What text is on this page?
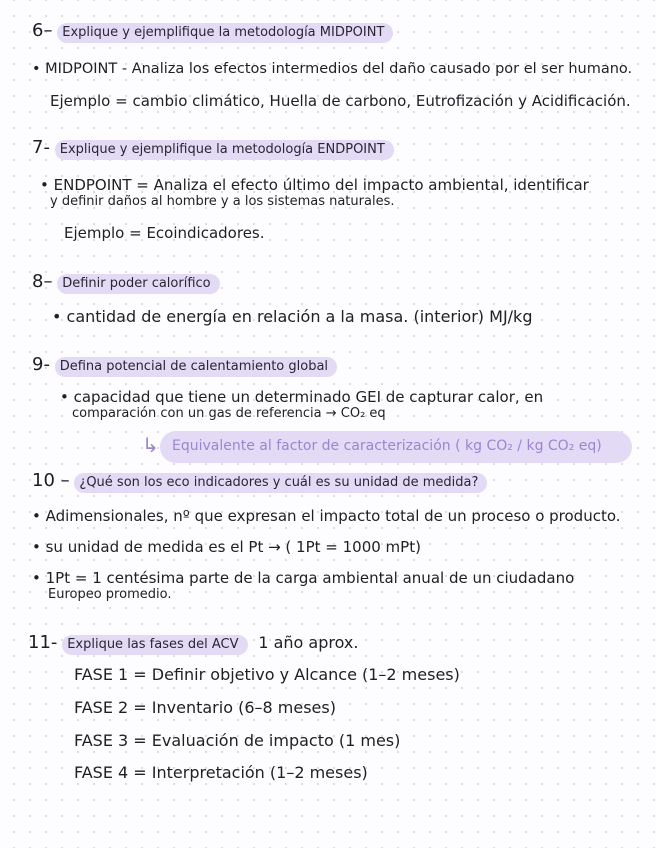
6– Explique y ejemplifique la metodología MIDPOINT
• MIDPOINT - Analiza los efectos intermedios del daño causado por el ser humano.
Ejemplo = cambio climático, Huella de carbono, Eutrofización y Acidificación.
7- Explique y ejemplifique la metodología ENDPOINT
• ENDPOINT = Analiza el efecto último del impacto ambiental, identificar
y definir daños al hombre y a los sistemas naturales.
Ejemplo = Ecoindicadores.
8– Definir poder calorífico
• cantidad de energía en relación a la masa. (interior) MJ/kg
9- Defina potencial de calentamiento global
• capacidad que tiene un determinado GEI de capturar calor, en
comparación con un gas de referencia → CO₂ eq
↳ Equivalente al factor de caracterización ( kg CO₂ / kg CO₂ eq)
10 – ¿Qué son los eco indicadores y cuál es su unidad de medida?
• Adimensionales, nº que expresan el impacto total de un proceso o producto.
• su unidad de medida es el Pt → ( 1Pt = 1000 mPt)
• 1Pt = 1 centésima parte de la carga ambiental anual de un ciudadano
Europeo promedio.
11- Explique las fases del ACV 1 año aprox.
FASE 1 = Definir objetivo y Alcance (1–2 meses)
FASE 2 = Inventario (6–8 meses)
FASE 3 = Evaluación de impacto (1 mes)
FASE 4 = Interpretación (1–2 meses)
